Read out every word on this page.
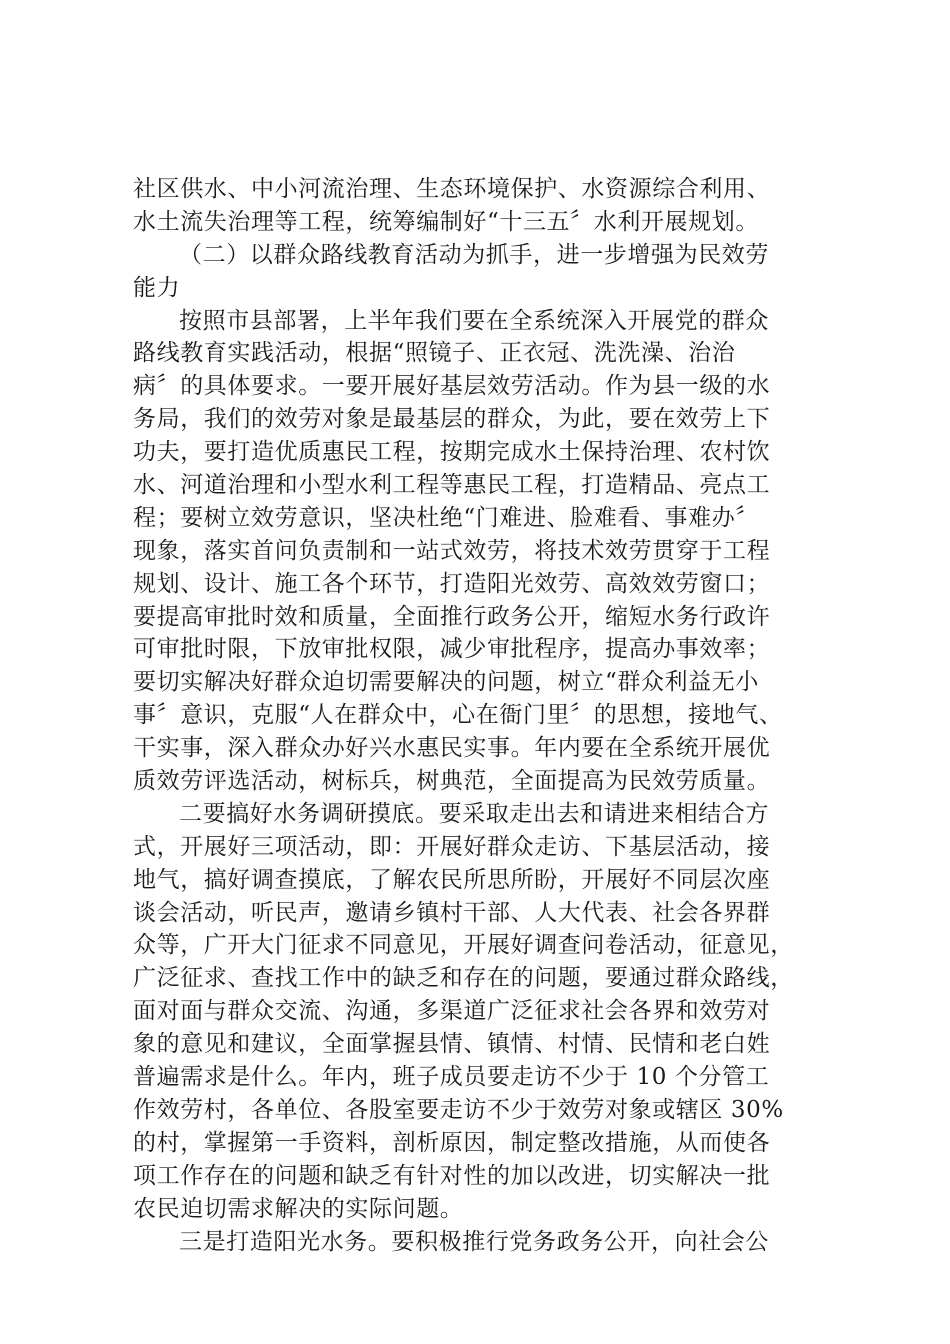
社区供水、中小河流治理、生态环境保护、水资源综合利用、
水土流失治理等工程，统筹编制好“十三五〞水利开展规划。
（二）以群众路线教育活动为抓手，进一步增强为民效劳
能力
按照市县部署，上半年我们要在全系统深入开展党的群众
路线教育实践活动，根据“照镜子、正衣冠、洗洗澡、治治
病〞的具体要求。一要开展好基层效劳活动。作为县一级的水
务局，我们的效劳对象是最基层的群众，为此，要在效劳上下
功夫，要打造优质惠民工程，按期完成水土保持治理、农村饮
水、河道治理和小型水利工程等惠民工程，打造精品、亮点工
程；要树立效劳意识，坚决杜绝“门难进、脸难看、事难办〞
现象，落实首问负责制和一站式效劳，将技术效劳贯穿于工程
规划、设计、施工各个环节，打造阳光效劳、高效效劳窗口；
要提高审批时效和质量，全面推行政务公开，缩短水务行政许
可审批时限，下放审批权限，减少审批程序，提高办事效率；
要切实解决好群众迫切需要解决的问题，树立“群众利益无小
事〞意识，克服“人在群众中，心在衙门里〞的思想，接地气、
干实事，深入群众办好兴水惠民实事。年内要在全系统开展优
质效劳评选活动，树标兵，树典范，全面提高为民效劳质量。
二要搞好水务调研摸底。要采取走出去和请进来相结合方
式，开展好三项活动，即：开展好群众走访、下基层活动，接
地气，搞好调查摸底，了解农民所思所盼，开展好不同层次座
谈会活动，听民声，邀请乡镇村干部、人大代表、社会各界群
众等，广开大门征求不同意见，开展好调查问卷活动，征意见，
广泛征求、查找工作中的缺乏和存在的问题，要通过群众路线，
面对面与群众交流、沟通，多渠道广泛征求社会各界和效劳对
象的意见和建议，全面掌握县情、镇情、村情、民情和老白姓
普遍需求是什么。年内，班子成员要走访不少于 10 个分管工
作效劳村，各单位、各股室要走访不少于效劳对象或辖区 30%
的村，掌握第一手资料，剖析原因，制定整改措施，从而使各
项工作存在的问题和缺乏有针对性的加以改进，切实解决一批
农民迫切需求解决的实际问题。
三是打造阳光水务。要积极推行党务政务公开，向社会公
